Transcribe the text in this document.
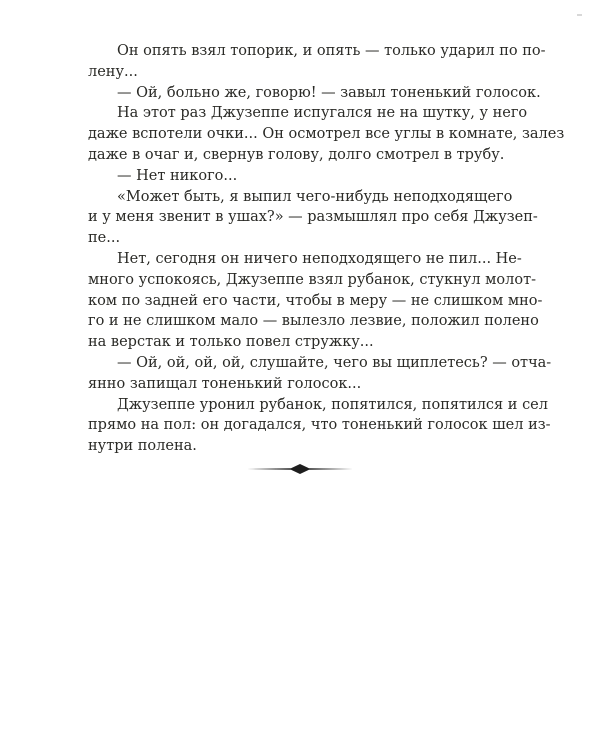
Он опять взял топорик, и опять — только ударил по по-
лену...
— Ой, больно же, говорю! — завыл тоненький голосок.
На этот раз Джузеппе испугался не на шутку, у него
даже вспотели очки... Он осмотрел все углы в комнате, залез
даже в очаг и, свернув голову, долго смотрел в трубу.
— Нет никого...
«Может быть, я выпил чего-нибудь неподходящего
и у меня звенит в ушах?» — размышлял про себя Джузеп-
пе...
Нет, сегодня он ничего неподходящего не пил... Не-
много успокоясь, Джузеппе взял рубанок, стукнул молот-
ком по задней его части, чтобы в меру — не слишком мно-
го и не слишком мало — вылезло лезвие, положил полено
на верстак и только повел стружку...
— Ой, ой, ой, ой, слушайте, чего вы щиплетесь? — отча-
янно запищал тоненький голосок...
Джузеппе уронил рубанок, попятился, попятился и сел
прямо на пол: он догадался, что тоненький голосок шел из-
нутри полена.
